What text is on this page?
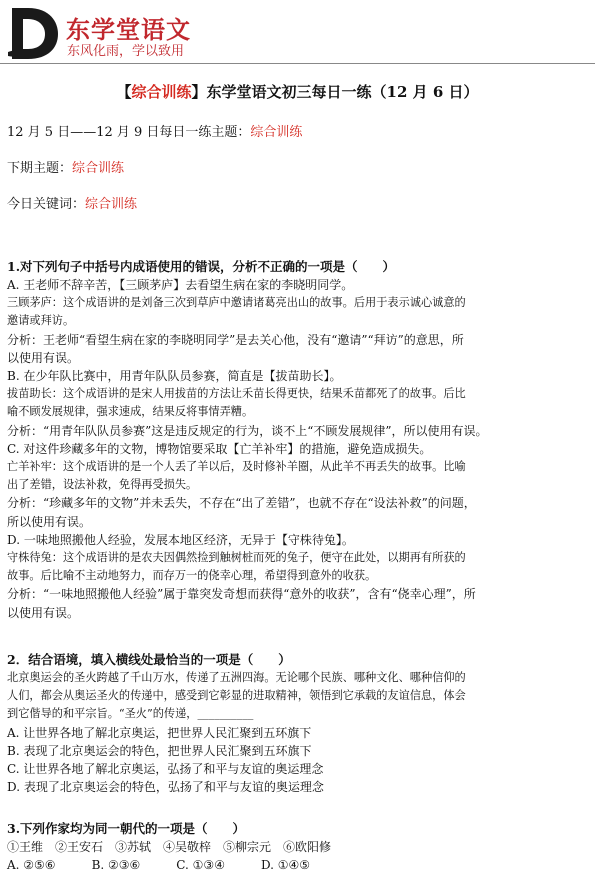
东学堂语文
东风化雨，学以致用
【综合训练】东学堂语文初三每日一练（12 月 6 日）
12 月 5 日——12 月 9 日每日一练主题：综合训练
下期主题：综合训练
今日关键词：综合训练
1.对下列句子中括号内成语使用的错误，分析不正确的一项是（　　）
A. 王老师不辞辛苦，【三顾茅庐】去看望生病在家的李晓明同学。
三顾茅庐：这个成语讲的是刘备三次到草庐中邀请诸葛亮出山的故事。后用于表示诚心诚意的
邀请或拜访。
分析：王老师“看望生病在家的李晓明同学”是去关心他，没有“邀请”“拜访”的意思，所
以使用有误。
B. 在少年队比赛中，用青年队队员参赛，简直是【拔苗助长】。
拔苗助长：这个成语讲的是宋人用拔苗的方法让禾苗长得更快，结果禾苗都死了的故事。后比
喻不顾发展规律，强求速成，结果反将事情弄糟。
分析：“用青年队队员参赛”这是违反规定的行为，谈不上“不顾发展规律”，所以使用有误。
C. 对这件珍藏多年的文物，博物馆要采取【亡羊补牢】的措施，避免造成损失。
亡羊补牢：这个成语讲的是一个人丢了羊以后，及时修补羊圈，从此羊不再丢失的故事。比喻
出了差错，设法补救，免得再受损失。
分析：“珍藏多年的文物”并未丢失，不存在“出了差错”，也就不存在“设法补救”的问题，
所以使用有误。
D. 一味地照搬他人经验，发展本地区经济，无异于【守株待兔】。
守株待兔：这个成语讲的是农夫因偶然捡到触树桩而死的兔子，便守在此处，以期再有所获的
故事。后比喻不主动地努力，而存万一的侥幸心理，希望得到意外的收获。
分析：“一味地照搬他人经验”属于靠突发奇想而获得“意外的收获”，含有“侥幸心理”，所
以使用有误。
2．结合语境，填入横线处最恰当的一项是（　　）
北京奥运会的圣火跨越了千山万水，传递了五洲四海。无论哪个民族、哪种文化、哪种信仰的
人们，都会从奥运圣火的传递中，感受到它彰显的进取精神，领悟到它承载的友谊信息，体会
到它偕导的和平宗旨。“圣火”的传递，__________
A. 让世界各地了解北京奥运，把世界人民汇聚到五环旗下
B. 表现了北京奥运会的特色，把世界人民汇聚到五环旗下
C. 让世界各地了解北京奥运，弘扬了和平与友谊的奥运理念
D. 表现了北京奥运会的特色，弘扬了和平与友谊的奥运理念
3.下列作家均为同一朝代的一项是（　　）
①王维　②王安石　③苏轼　④吴敬梓　⑤柳宗元　⑥欧阳修
A. ②⑤⑥　　　B. ②③⑥　　　C. ①③④　　　D. ①④⑤
